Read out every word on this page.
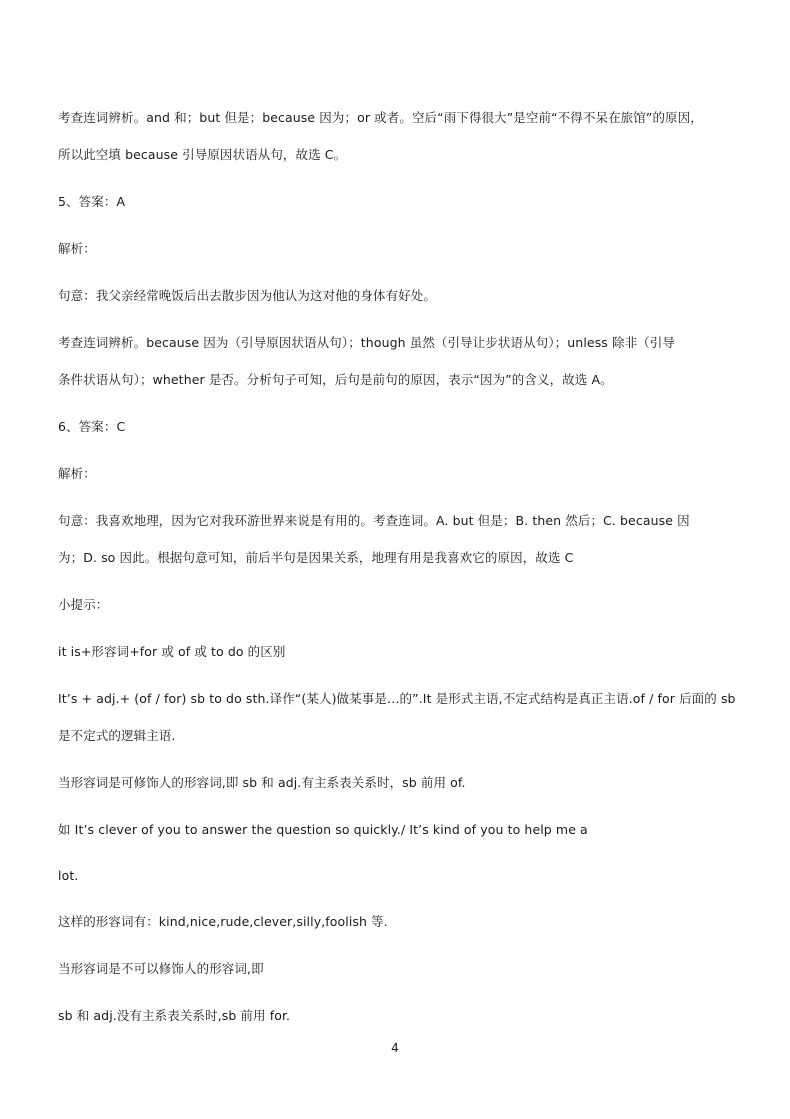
考查连词辨析。and 和；but 但是；because 因为；or 或者。空后“雨下得很大”是空前“不得不呆在旅馆”的原因，

所以此空填 because 引导原因状语从句，故选 C。

5、答案：A

解析：

句意：我父亲经常晚饭后出去散步因为他认为这对他的身体有好处。

考查连词辨析。because 因为（引导原因状语从句）；though 虽然（引导让步状语从句）；unless 除非（引导

条件状语从句）；whether 是否。分析句子可知，后句是前句的原因，表示“因为”的含义，故选 A。

6、答案：C

解析：

句意：我喜欢地理，因为它对我环游世界来说是有用的。考查连词。A. but 但是；B. then 然后；C. because 因

为；D. so 因此。根据句意可知，前后半句是因果关系，地理有用是我喜欢它的原因，故选 C

小提示：

it is+形容词+for 或 of 或 to do 的区别

It’s + adj.+ (of / for) sb to do sth.译作“(某人)做某事是…的”.It 是形式主语,不定式结构是真正主语.of / for 后面的 sb

是不定式的逻辑主语.

当形容词是可修饰人的形容词,即 sb 和 adj.有主系表关系时，sb 前用 of.

如 It’s clever of you to answer the question so quickly./ It’s kind of you to help me a

lot.

这样的形容词有：kind,nice,rude,clever,silly,foolish 等.

当形容词是不可以修饰人的形容词,即

sb 和 adj.没有主系表关系时,sb 前用 for.

4
